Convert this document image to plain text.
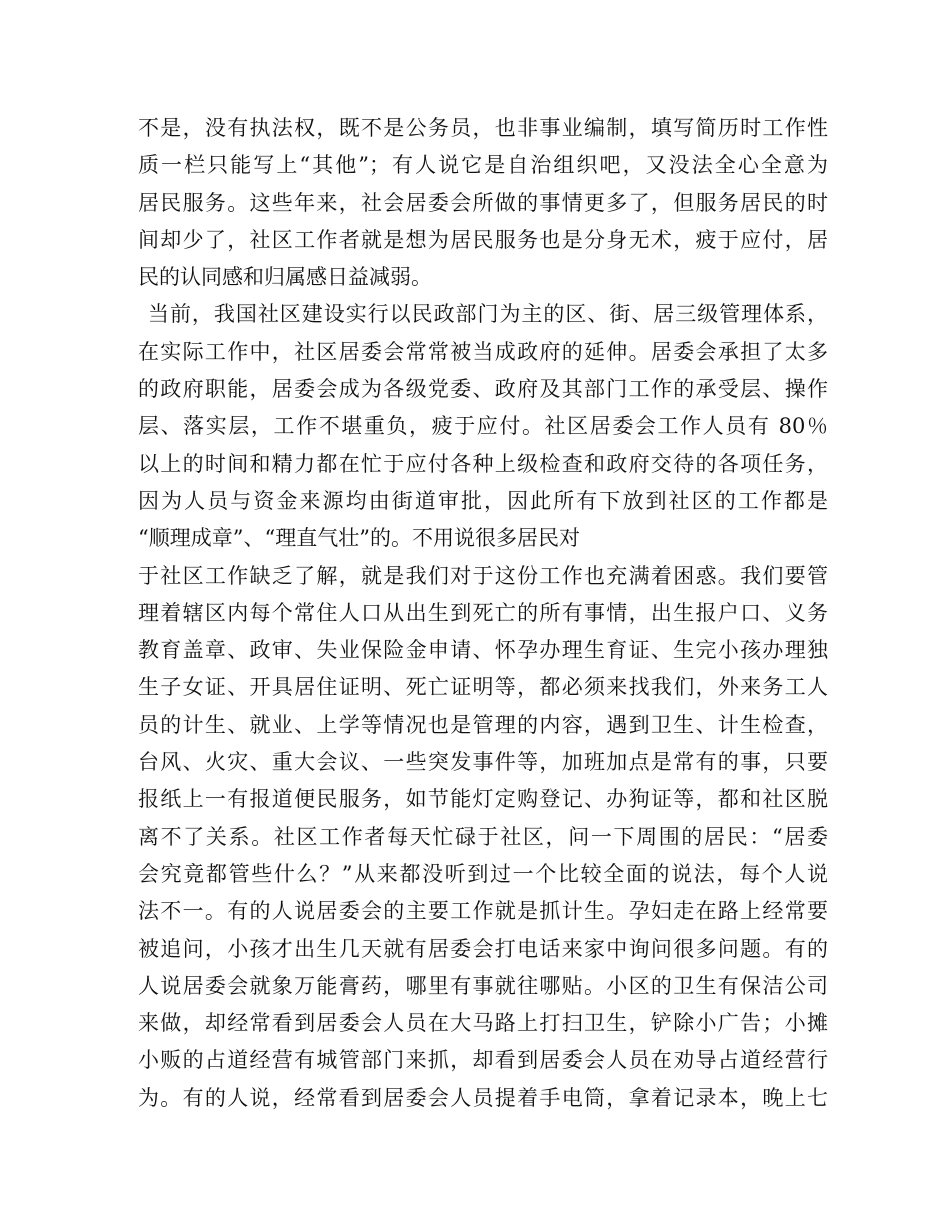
不是，没有执法权，既不是公务员，也非事业编制，填写简历时工作性
质一栏只能写上“其他”；有人说它是自治组织吧，又没法全心全意为
居民服务。这些年来，社会居委会所做的事情更多了，但服务居民的时
间却少了，社区工作者就是想为居民服务也是分身无术，疲于应付，居
民的认同感和归属感日益减弱。
当前，我国社区建设实行以民政部门为主的区、街、居三级管理体系，
在实际工作中，社区居委会常常被当成政府的延伸。居委会承担了太多
的政府职能，居委会成为各级党委、政府及其部门工作的承受层、操作
层、落实层，工作不堪重负，疲于应付。社区居委会工作人员有 80％
以上的时间和精力都在忙于应付各种上级检查和政府交待的各项任务，
因为人员与资金来源均由街道审批，因此所有下放到社区的工作都是
“顺理成章”、“理直气壮”的。不用说很多居民对
于社区工作缺乏了解，就是我们对于这份工作也充满着困惑。我们要管
理着辖区内每个常住人口从出生到死亡的所有事情，出生报户口、义务
教育盖章、政审、失业保险金申请、怀孕办理生育证、生完小孩办理独
生子女证、开具居住证明、死亡证明等，都必须来找我们，外来务工人
员的计生、就业、上学等情况也是管理的内容，遇到卫生、计生检查，
台风、火灾、重大会议、一些突发事件等，加班加点是常有的事，只要
报纸上一有报道便民服务，如节能灯定购登记、办狗证等，都和社区脱
离不了关系。社区工作者每天忙碌于社区，问一下周围的居民：“居委
会究竟都管些什么？”从来都没听到过一个比较全面的说法，每个人说
法不一。有的人说居委会的主要工作就是抓计生。孕妇走在路上经常要
被追问，小孩才出生几天就有居委会打电话来家中询问很多问题。有的
人说居委会就象万能膏药，哪里有事就往哪贴。小区的卫生有保洁公司
来做，却经常看到居委会人员在大马路上打扫卫生，铲除小广告；小摊
小贩的占道经营有城管部门来抓，却看到居委会人员在劝导占道经营行
为。有的人说，经常看到居委会人员提着手电筒，拿着记录本，晚上七
